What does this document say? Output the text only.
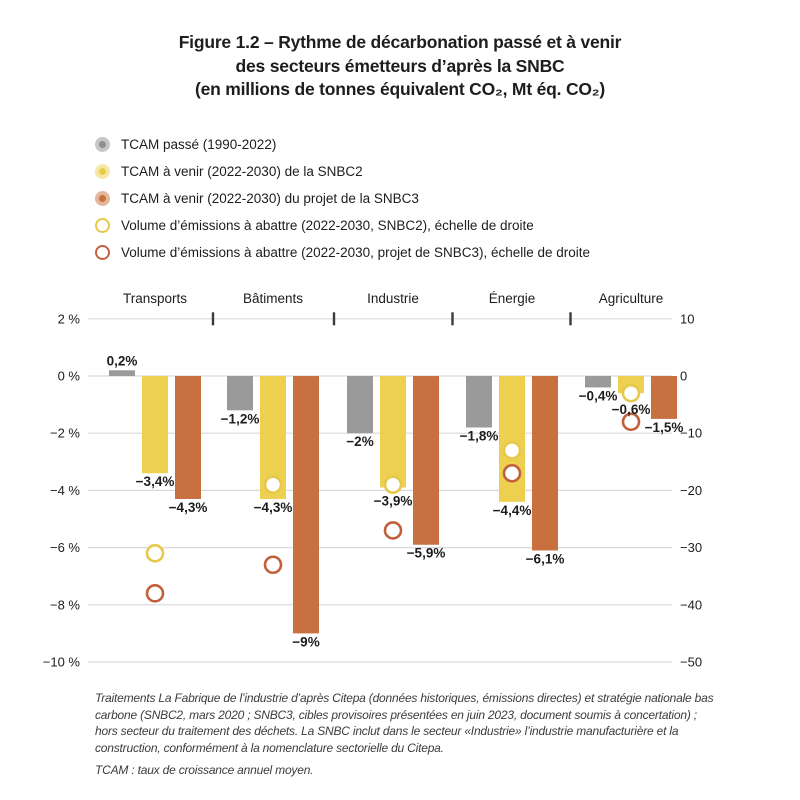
Figure 1.2 – Rythme de décarbonation passé et à venir
des secteurs émetteurs d’après la SNBC
(en millions de tonnes équivalent CO₂, Mt éq. CO₂)
TCAM passé (1990-2022)
TCAM à venir (2022-2030) de la SNBC2
TCAM à venir (2022-2030) du projet de la SNBC3
Volume d’émissions à abattre (2022-2030, SNBC2), échelle de droite
Volume d’émissions à abattre (2022-2030, projet de SNBC3), échelle de droite
2 %	10
0 %	0
−2 %	−10
−4 %	−20
−6 %	−30
−8 %	−40
−10 %	−50
Transports	Bâtiments	Industrie	Énergie	Agriculture
0,2%
−1,2%
−2%	−1,8%
−0,4%
−3,4%
−4,3%	−3,9%
−4,4%
−0,6%
−4,3%
−9%
−5,9%	−6,1%
−1,5%

Traitements La Fabrique de l’industrie d’après Citepa (données historiques, émissions directes) et stratégie nationale bas carbone (SNBC2, mars 2020 ; SNBC3, cibles provisoires présentées en juin 2023, document soumis à concertation) ; hors secteur du traitement des déchets. La SNBC inclut dans le secteur «Industrie» l’industrie manufacturière et la construction, conformément à la nomenclature sectorielle du Citepa.

TCAM : taux de croissance annuel moyen.
